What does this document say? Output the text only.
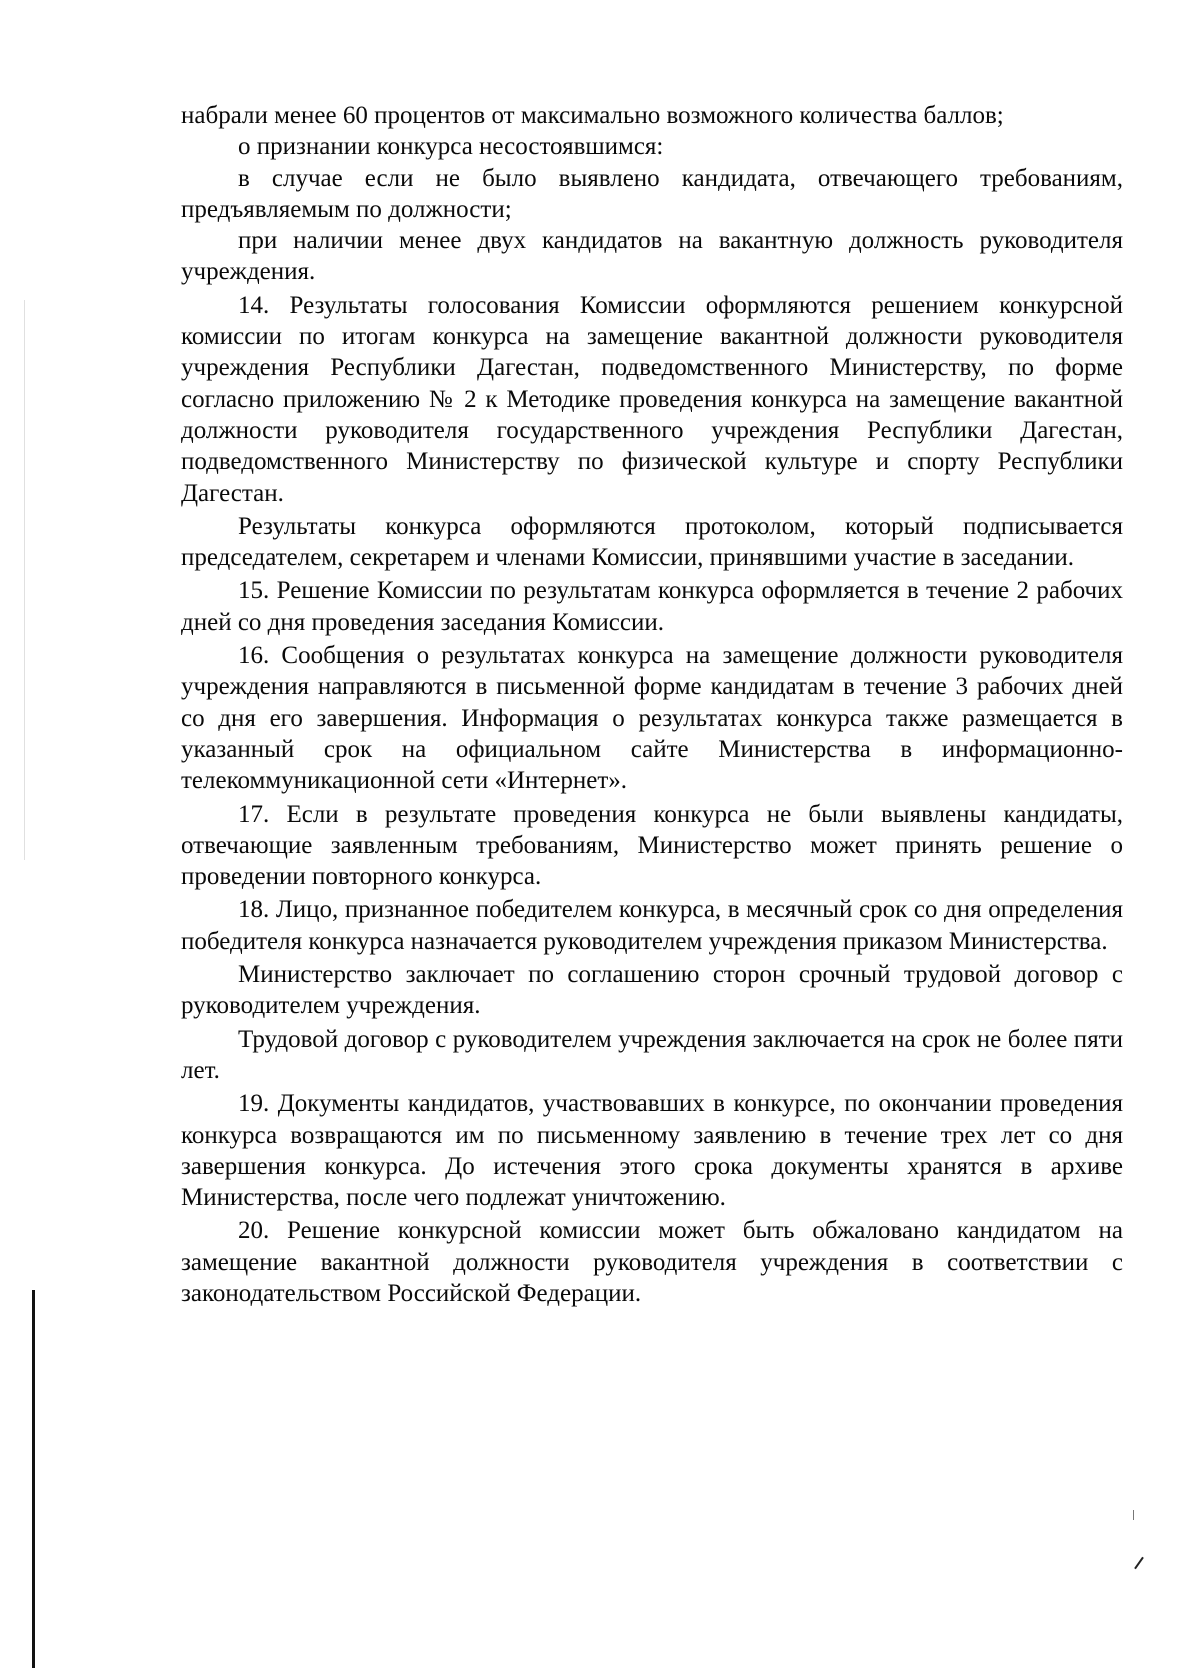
набрали менее 60 процентов от максимально возможного количества баллов;

о признании конкурса несостоявшимся:

в случае если не было выявлено кандидата, отвечающего требованиям, предъявляемым по должности;

при наличии менее двух кандидатов на вакантную должность руководителя учреждения.

14. Результаты голосования Комиссии оформляются решением конкурсной комиссии по итогам конкурса на замещение вакантной должности руководителя учреждения Республики Дагестан, подведомственного Министерству, по форме согласно приложению № 2 к Методике проведения конкурса на замещение вакантной должности руководителя государственного учреждения Республики Дагестан, подведомственного Министерству по физической культуре и спорту Республики Дагестан.

Результаты конкурса оформляются протоколом, который подписывается председателем, секретарем и членами Комиссии, принявшими участие в заседании.

15. Решение Комиссии по результатам конкурса оформляется в течение 2 рабочих дней со дня проведения заседания Комиссии.

16. Сообщения о результатах конкурса на замещение должности руководителя учреждения направляются в письменной форме кандидатам в течение 3 рабочих дней со дня его завершения. Информация о результатах конкурса также размещается в указанный срок на официальном сайте Министерства в информационно-телекоммуникационной сети «Интернет».

17. Если в результате проведения конкурса не были выявлены кандидаты, отвечающие заявленным требованиям, Министерство может принять решение о проведении повторного конкурса.

18. Лицо, признанное победителем конкурса, в месячный срок со дня определения победителя конкурса назначается руководителем учреждения приказом Министерства.

Министерство заключает по соглашению сторон срочный трудовой договор с руководителем учреждения.

Трудовой договор с руководителем учреждения заключается на срок не более пяти лет.

19. Документы кандидатов, участвовавших в конкурсе, по окончании проведения конкурса возвращаются им по письменному заявлению в течение трех лет со дня завершения конкурса. До истечения этого срока документы хранятся в архиве Министерства, после чего подлежат уничтожению.

20. Решение конкурсной комиссии может быть обжаловано кандидатом на замещение вакантной должности руководителя учреждения в соответствии с законодательством Российской Федерации.
